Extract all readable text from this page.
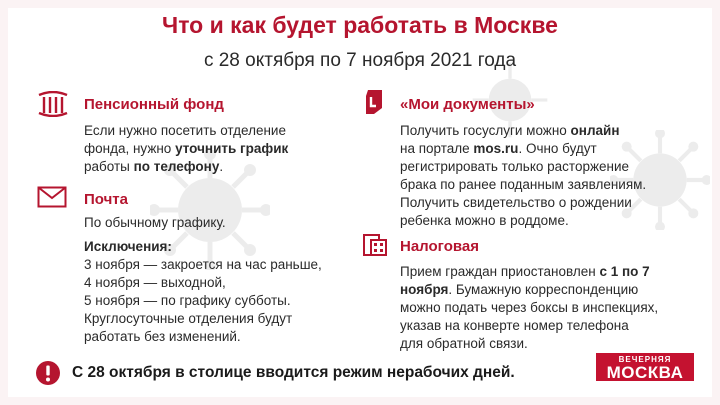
Что и как будет работать в Москве
с 28 октября по 7 ноября 2021 года
Пенсионный фонд
Если нужно посетить отделение
фонда, нужно уточнить график
работы по телефону.
Почта
По обычному графику.
Исключения:
3 ноября — закроется на час раньше,
4 ноября — выходной,
5 ноября — по графику субботы.
Круглосуточные отделения будут
работать без изменений.
«Мои документы»
Получить госуслуги можно онлайн
на портале mos.ru. Очно будут
регистрировать только расторжение
брака по ранее поданным заявлениям.
Получить свидетельство о рождении
ребенка можно в роддоме.
Налоговая
Прием граждан приостановлен с 1 по 7
ноября. Бумажную корреспонденцию
можно подать через боксы в инспекциях,
указав на конверте номер телефона
для обратной связи.
С 28 октября в столице вводится режим нерабочих дней.
ВЕЧЕРНЯЯ
МОСКВА
